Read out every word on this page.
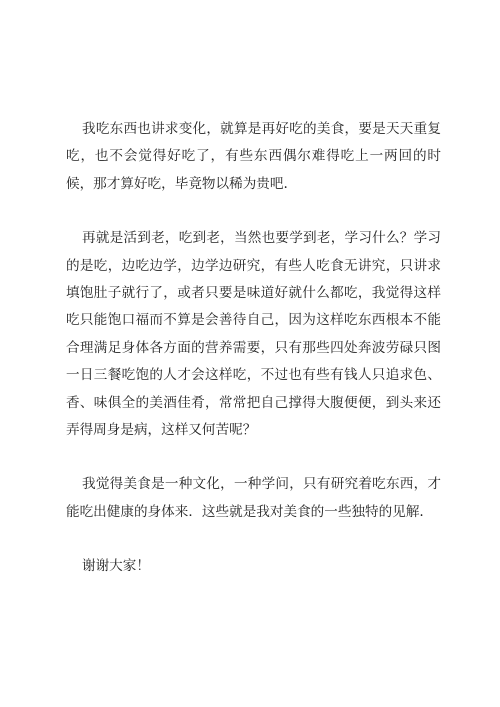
我吃东西也讲求变化，就算是再好吃的美食，要是天天重复吃，也不会觉得好吃了，有些东西偶尔难得吃上一两回的时候，那才算好吃，毕竟物以稀为贵吧.

再就是活到老，吃到老，当然也要学到老，学习什么？学习的是吃，边吃边学，边学边研究，有些人吃食无讲究，只讲求填饱肚子就行了，或者只要是味道好就什么都吃，我觉得这样吃只能饱口福而不算是会善待自己，因为这样吃东西根本不能合理满足身体各方面的营养需要，只有那些四处奔波劳碌只图一日三餐吃饱的人才会这样吃，不过也有些有钱人只追求色、香、味俱全的美酒佳肴，常常把自己撑得大腹便便，到头来还弄得周身是病，这样又何苦呢？

我觉得美食是一种文化，一种学问，只有研究着吃东西，才能吃出健康的身体来．这些就是我对美食的一些独特的见解.

谢谢大家！
